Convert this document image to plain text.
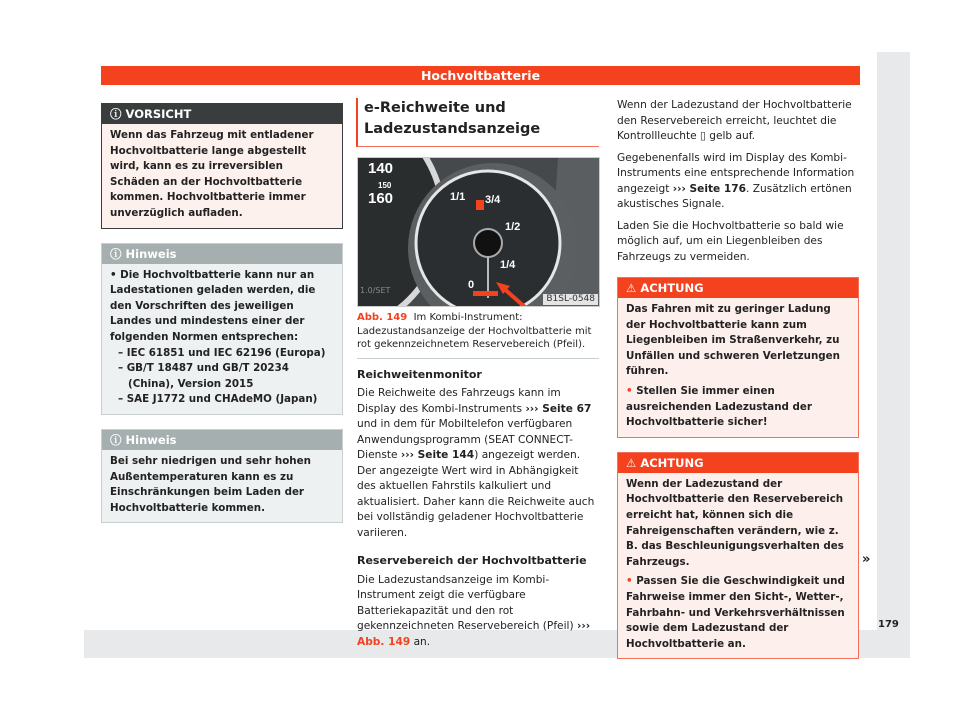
Hochvoltbatterie
ⓘ VORSICHT
Wenn das Fahrzeug mit entladener Hochvoltbatterie lange abgestellt wird, kann es zu irreversiblen Schäden an der Hochvoltbatterie kommen. Hochvoltbatterie immer unverzüglich aufladen.
ⓘ Hinweis
• Die Hochvoltbatterie kann nur an Ladestationen geladen werden, die den Vorschriften des jeweiligen Landes und mindestens einer der folgenden Normen entsprechen:
– IEC 61851 und IEC 62196 (Europa)
– GB/T 18487 und GB/T 20234 (China), Version 2015
– SAE J1772 und CHAdeMO (Japan)
ⓘ Hinweis
Bei sehr niedrigen und sehr hohen Außentemperaturen kann es zu Einschränkungen beim Laden der Hochvoltbatterie kommen.
e-Reichweite und Ladezustandsanzeige
140
150
160	1/1 3/4
1/2
1/4
0
1.0/SET
B1SL-0548
Abb. 149 Im Kombi-Instrument: Ladezustandsanzeige der Hochvoltbatterie mit rot gekennzeichnetem Reservebereich (Pfeil).
Reichweitenmonitor

Die Reichweite des Fahrzeugs kann im Display des Kombi-Instruments ››› Seite 67 und in dem für Mobiltelefon verfügbaren Anwendungsprogramm (SEAT CONNECT-Dienste ››› Seite 144) angezeigt werden. Der angezeigte Wert wird in Abhängigkeit des aktuellen Fahrstils kalkuliert und aktualisiert. Daher kann die Reichweite auch bei vollständig geladener Hochvoltbatterie variieren.

Reservebereich der Hochvoltbatterie

Die Ladezustandsanzeige im Kombi-Instrument zeigt die verfügbare Batteriekapazität und den rot gekennzeichneten Reservebereich (Pfeil) ››› Abb. 149 an.

Wenn der Ladezustand der Hochvoltbatterie den Reservebereich erreicht, leuchtet die Kontrollleuchte ▯ gelb auf.

Gegebenenfalls wird im Display des Kombi-Instruments eine entsprechende Information angezeigt ››› Seite 176. Zusätzlich ertönen akustisches Signale.

Laden Sie die Hochvoltbatterie so bald wie möglich auf, um ein Liegenbleiben des Fahrzeugs zu vermeiden.

⚠ ACHTUNG
Das Fahren mit zu geringer Ladung der Hochvoltbatterie kann zum Liegenbleiben im Straßenverkehr, zu Unfällen und schweren Verletzungen führen.
• Stellen Sie immer einen ausreichenden Ladezustand der Hochvoltbatterie sicher!
⚠ ACHTUNG
Wenn der Ladezustand der Hochvoltbatterie den Reservebereich erreicht hat, können sich die Fahreigenschaften verändern, wie z. B. das Beschleunigungsverhalten des Fahrzeugs.
• Passen Sie die Geschwindigkeit und Fahrweise immer den Sicht-, Wetter-, Fahrbahn- und Verkehrsverhältnissen sowie dem Ladezustand der Hochvoltbatterie an.
»
179
